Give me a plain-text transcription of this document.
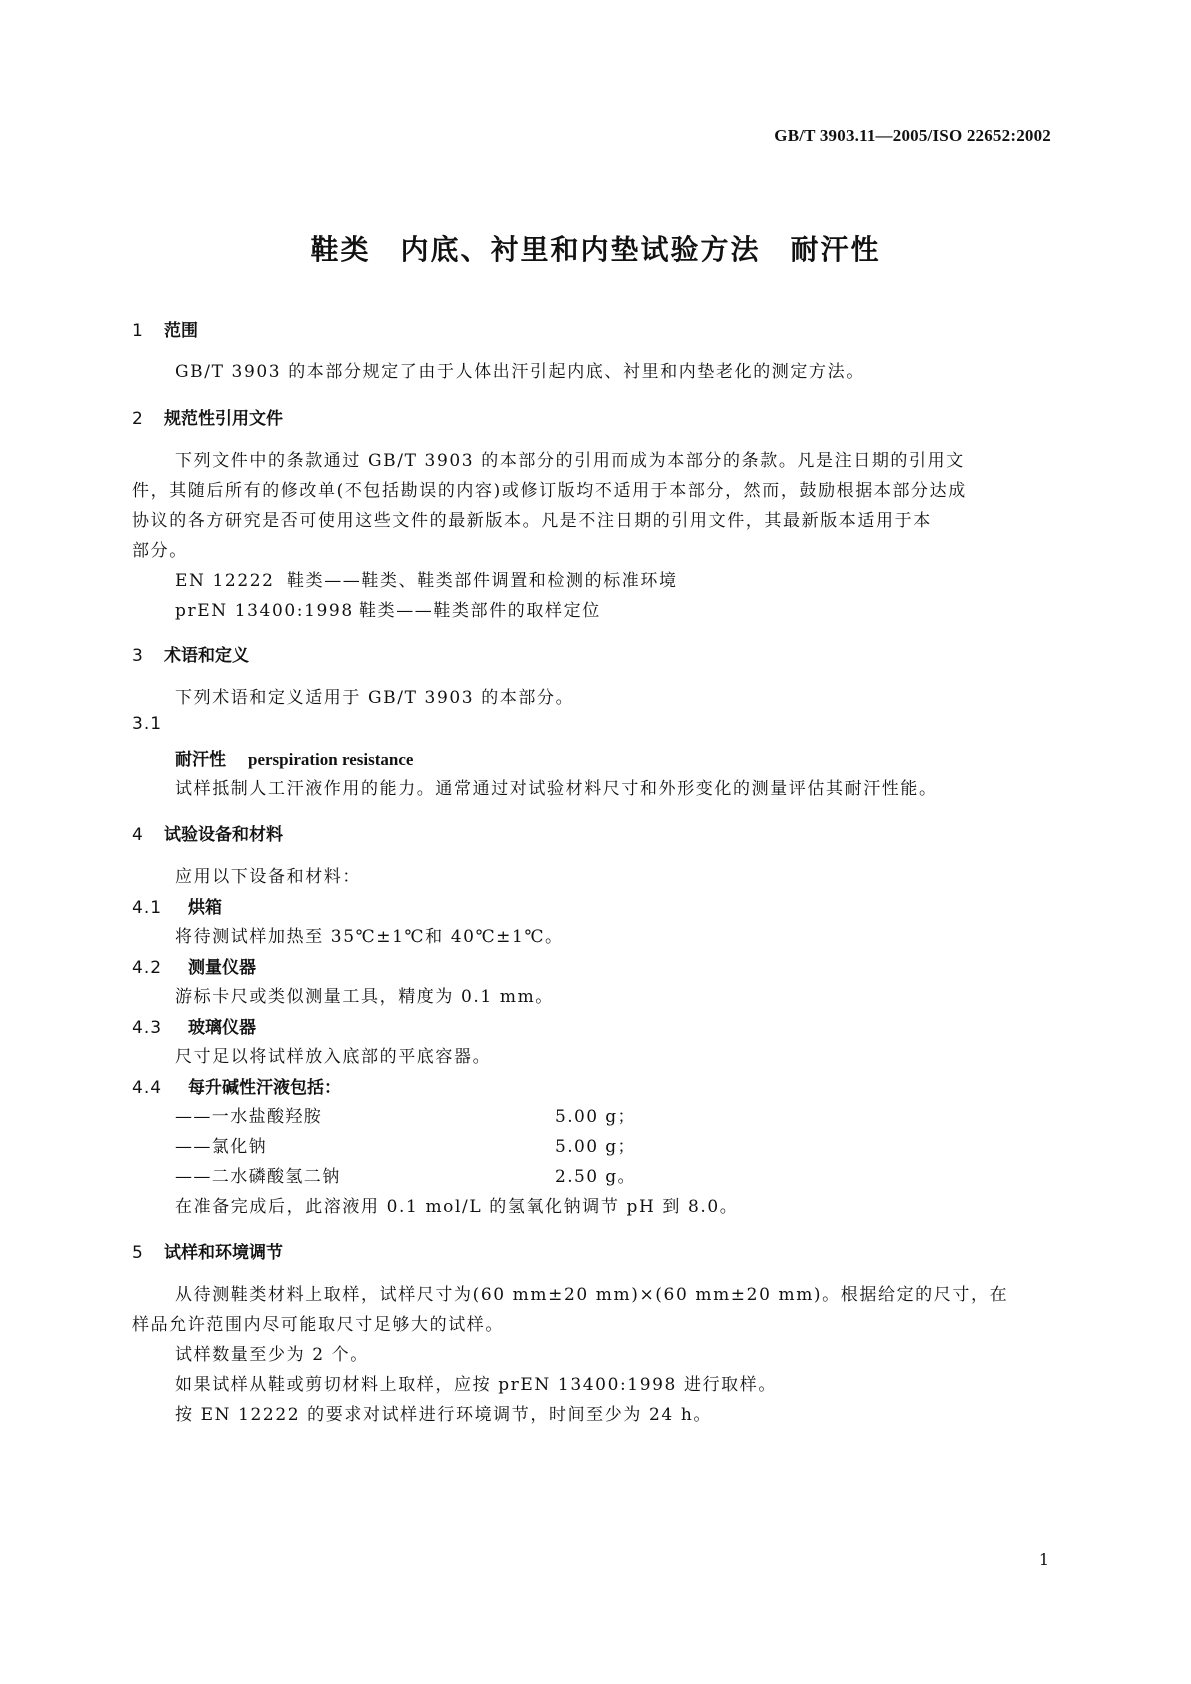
GB/T 3903.11—2005/ISO 22652:2002
鞋类 内底、衬里和内垫试验方法 耐汗性
1 范围
GB/T 3903 的本部分规定了由于人体出汗引起内底、衬里和内垫老化的测定方法。
2 规范性引用文件
下列文件中的条款通过 GB/T 3903 的本部分的引用而成为本部分的条款。凡是注日期的引用文
件，其随后所有的修改单(不包括勘误的内容)或修订版均不适用于本部分，然而，鼓励根据本部分达成
协议的各方研究是否可使用这些文件的最新版本。凡是不注日期的引用文件，其最新版本适用于本
部分。
EN 12222 鞋类——鞋类、鞋类部件调置和检测的标准环境
prEN 13400:1998 鞋类——鞋类部件的取样定位
3 术语和定义
下列术语和定义适用于 GB/T 3903 的本部分。
3.1
耐汗性 perspiration resistance
试样抵制人工汗液作用的能力。通常通过对试验材料尺寸和外形变化的测量评估其耐汗性能。
4 试验设备和材料
应用以下设备和材料：
4.1 烘箱
将待测试样加热至 35℃±1℃和 40℃±1℃。
4.2 测量仪器
游标卡尺或类似测量工具，精度为 0.1 mm。
4.3 玻璃仪器
尺寸足以将试样放入底部的平底容器。
4.4 每升碱性汗液包括：
——一水盐酸羟胺	5.00 g；
——氯化钠	5.00 g；
——二水磷酸氢二钠	2.50 g。
在准备完成后，此溶液用 0.1 mol/L 的氢氧化钠调节 pH 到 8.0。
5 试样和环境调节
从待测鞋类材料上取样，试样尺寸为(60 mm±20 mm)×(60 mm±20 mm)。根据给定的尺寸，在
样品允许范围内尽可能取尺寸足够大的试样。
试样数量至少为 2 个。
如果试样从鞋或剪切材料上取样，应按 prEN 13400:1998 进行取样。
按 EN 12222 的要求对试样进行环境调节，时间至少为 24 h。
1
